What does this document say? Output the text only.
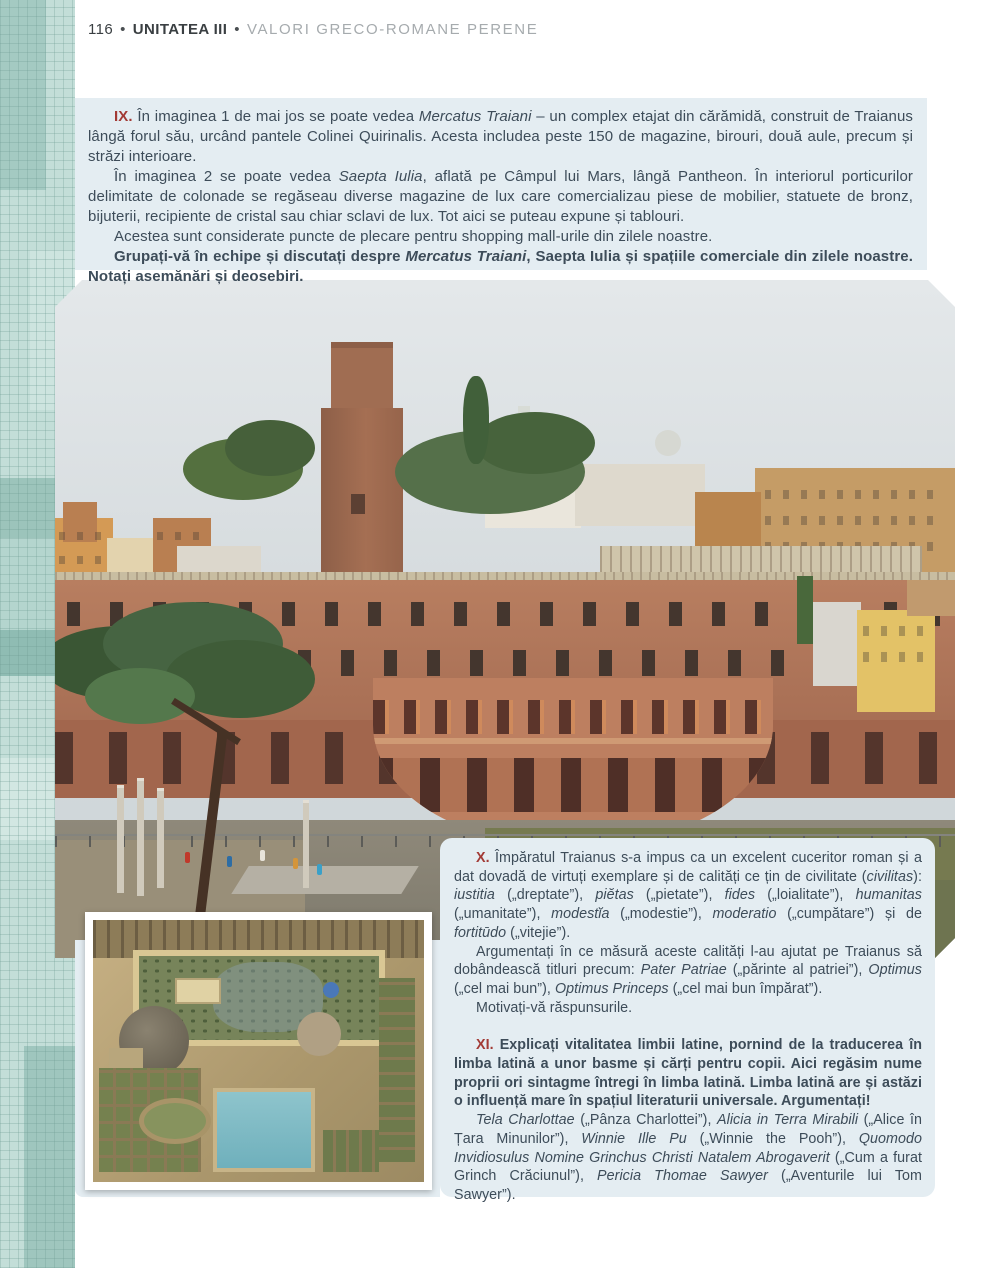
116 • UNITATEA III • VALORI GRECO-ROMANE PERENE

IX. În imaginea 1 de mai jos se poate vedea Mercatus Traiani – un complex etajat din cărămidă, construit de Traianus lângă forul său, urcând pantele Colinei Quirinalis. Acesta includea peste 150 de magazine, birouri, două aule, precum și străzi interioare.

În imaginea 2 se poate vedea Saepta Iulia, aflată pe Câmpul lui Mars, lângă Pantheon. În interiorul porticurilor delimitate de colonade se regăseau diverse magazine de lux care comercializau piese de mobilier, statuete de bronz, bijuterii, recipiente de cristal sau chiar sclavi de lux. Tot aici se puteau expune și tablouri.

Acestea sunt considerate puncte de plecare pentru shopping mall-urile din zilele noastre.

Grupați-vă în echipe și discutați despre Mercatus Traiani, Saepta Iulia și spațiile comerciale din zilele noastre. Notați asemănări și deosebiri.

X. Împăratul Traianus s-a impus ca un excelent cuceritor roman și a dat dovadă de virtuți exemplare și de calități ce țin de civilitate (civilitas): iustitia („dreptate”), piĕtas („pietate”), fides („loialitate”), humanitas („umanitate”), modestĭa („modestie”), moderatio („cumpătare”) și de fortitūdo („vitejie”).

Argumentați în ce măsură aceste calități l-au ajutat pe Traianus să dobândească titluri precum: Pater Patriae („părinte al patriei”), Optimus („cel mai bun”), Optimus Princeps („cel mai bun împărat”).

Motivați-vă răspunsurile.

XI. Explicați vitalitatea limbii latine, pornind de la traducerea în limba latină a unor basme și cărți pentru copii. Aici regăsim nume proprii ori sintagme întregi în limba latină. Limba latină are și astăzi o influență mare în spațiul literaturii universale. Argumentați!

Tela Charlottae („Pânza Charlottei”), Alicia in Terra Mirabili („Alice în Țara Minunilor”), Winnie Ille Pu („Winnie the Pooh”), Quomodo Invidiosulus Nomine Grinchus Christi Natalem Abrogaverit („Cum a furat Grinch Crăciunul”), Pericia Thomae Sawyer („Aventurile lui Tom Sawyer”).
